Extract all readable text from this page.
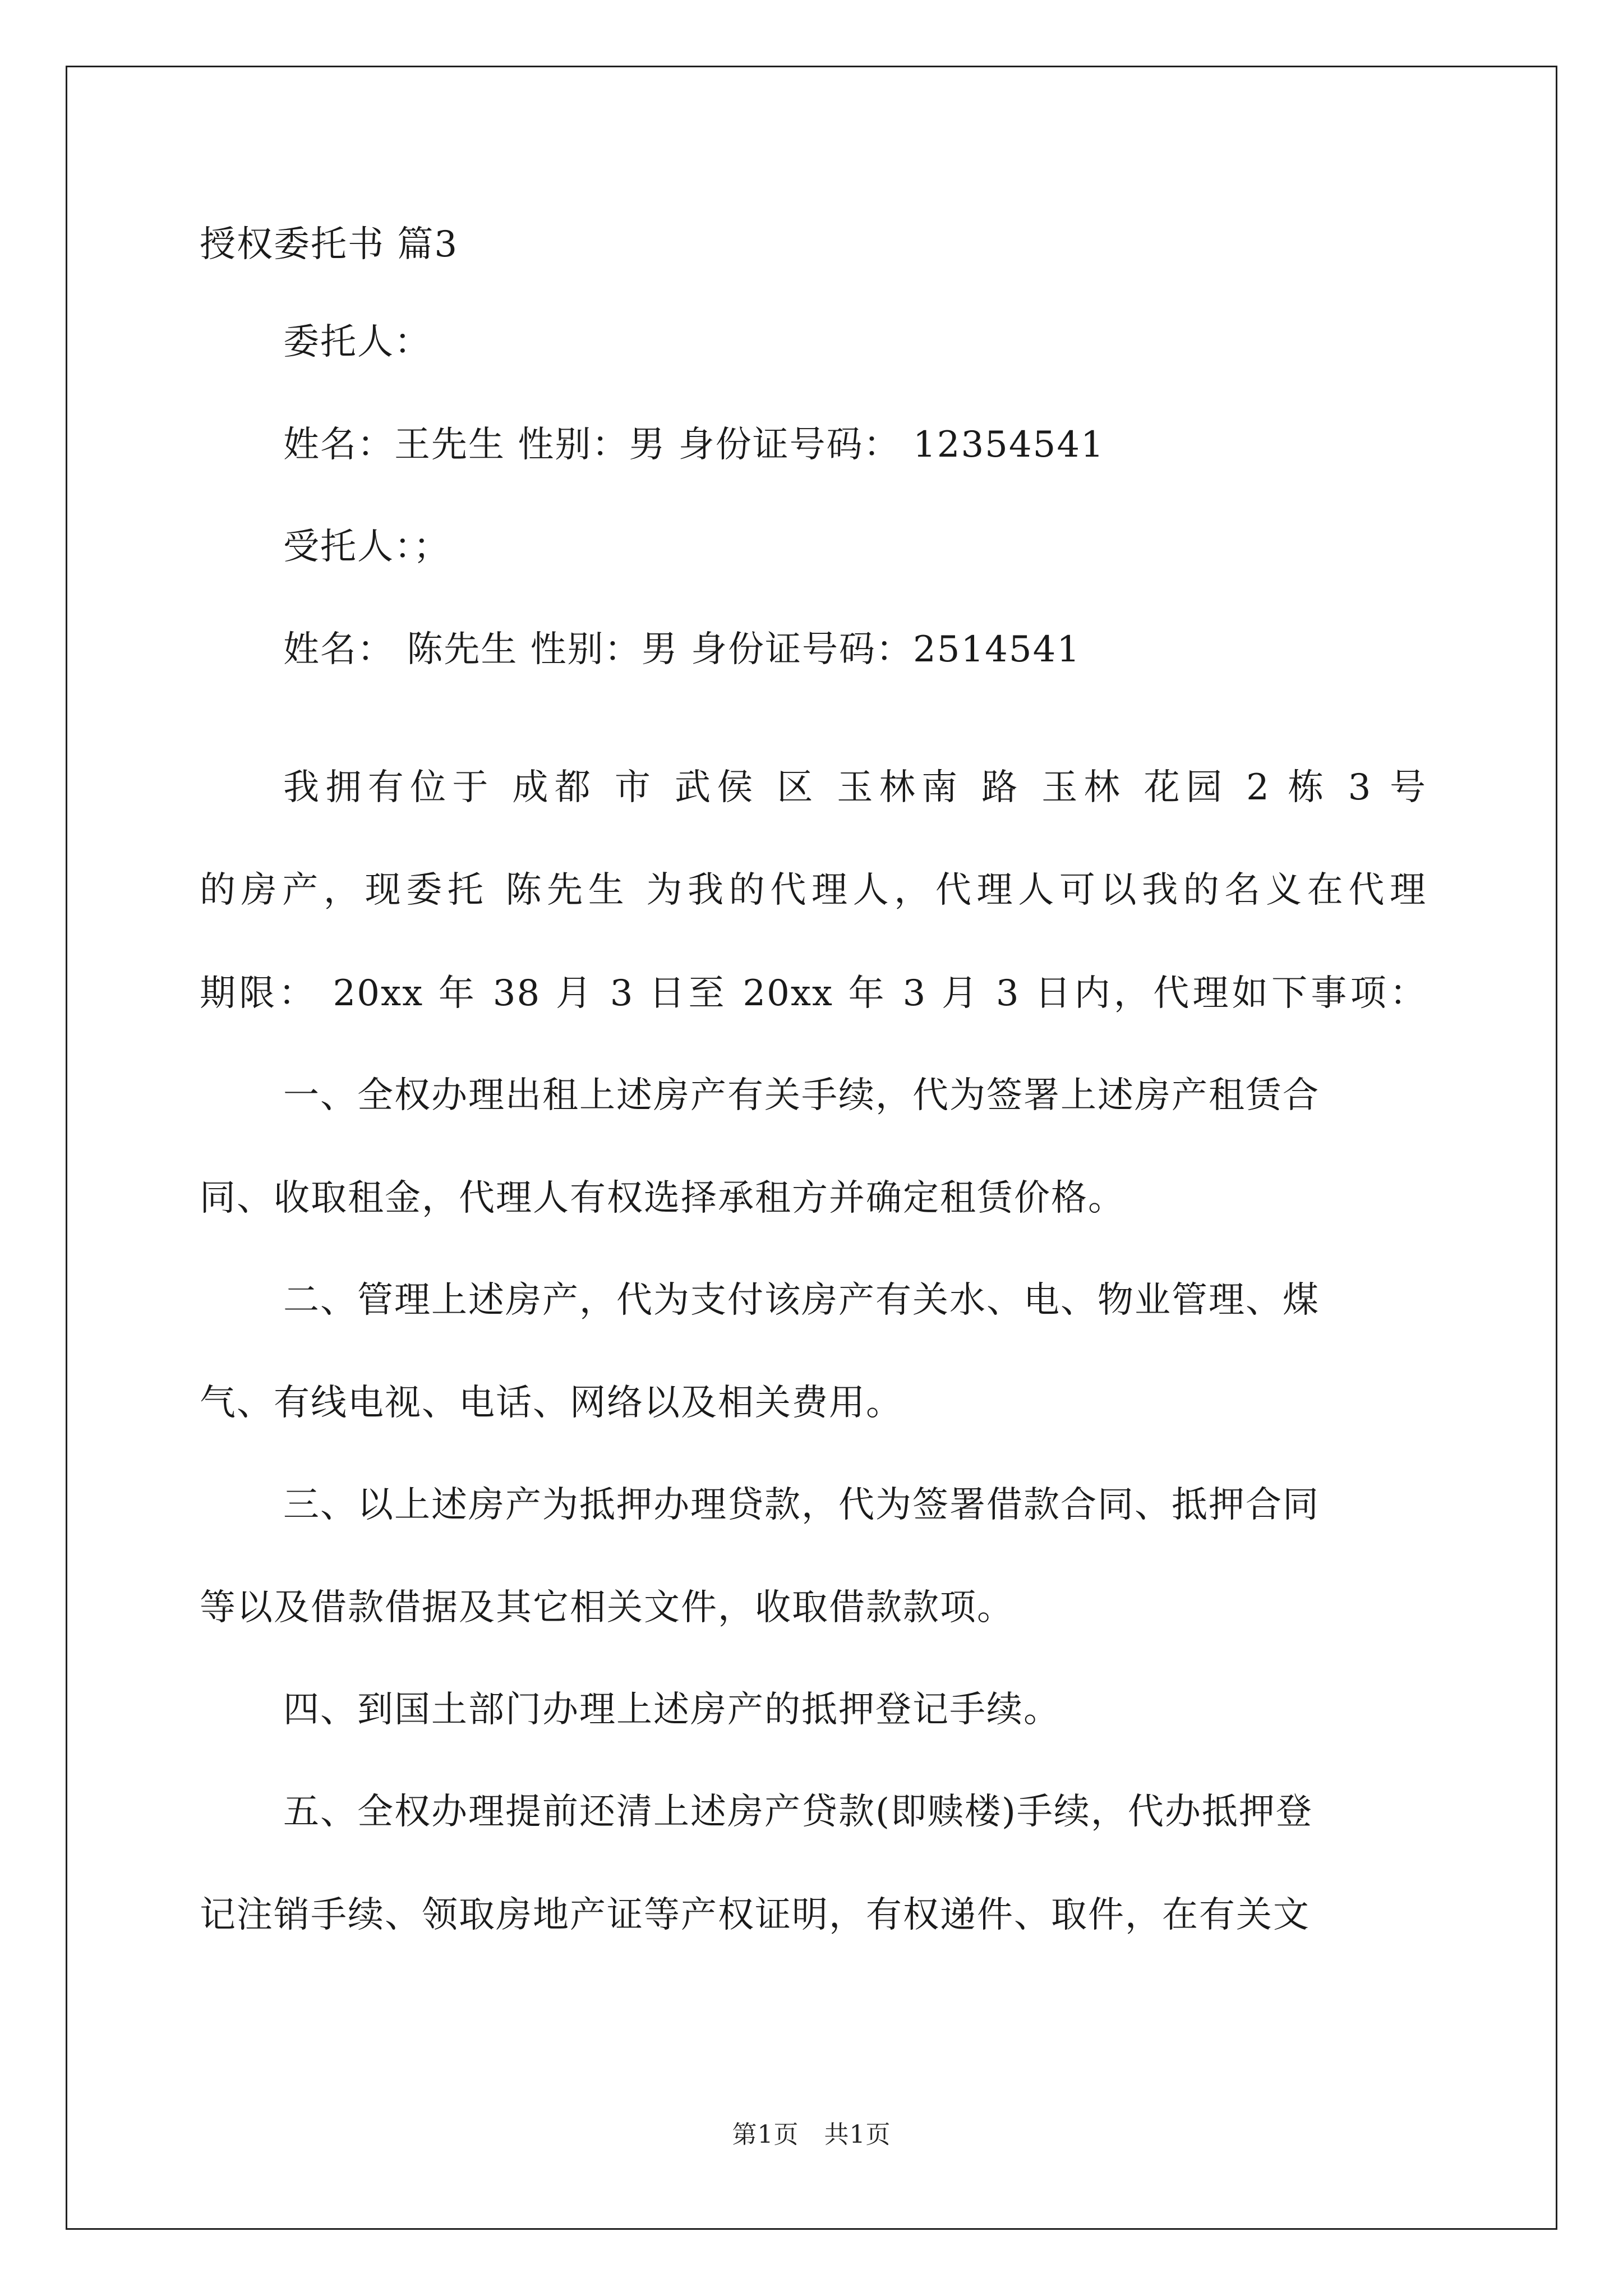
授权委托书 篇3
委托人：
姓名：王先生 性别：男 身份证号码： 12354541
受托人：；
姓名： 陈先生 性别：男 身份证号码：2514541
我拥有位于 成都 市 武侯 区 玉林南 路 玉林 花园 2 栋 3 号
的房产，现委托 陈先生 为我的代理人，代理人可以我的名义在代理
期限： 20xx 年 38 月 3 日至 20xx 年 3 月 3 日内，代理如下事项：
一、全权办理出租上述房产有关手续，代为签署上述房产租赁合
同、收取租金，代理人有权选择承租方并确定租赁价格。
二、管理上述房产，代为支付该房产有关水、电、物业管理、煤
气、有线电视、电话、网络以及相关费用。
三、以上述房产为抵押办理贷款，代为签署借款合同、抵押合同
等以及借款借据及其它相关文件，收取借款款项。
四、到国土部门办理上述房产的抵押登记手续。
五、全权办理提前还清上述房产贷款(即赎楼)手续，代办抵押登
记注销手续、领取房地产证等产权证明，有权递件、取件，在有关文
第1页　共1页
